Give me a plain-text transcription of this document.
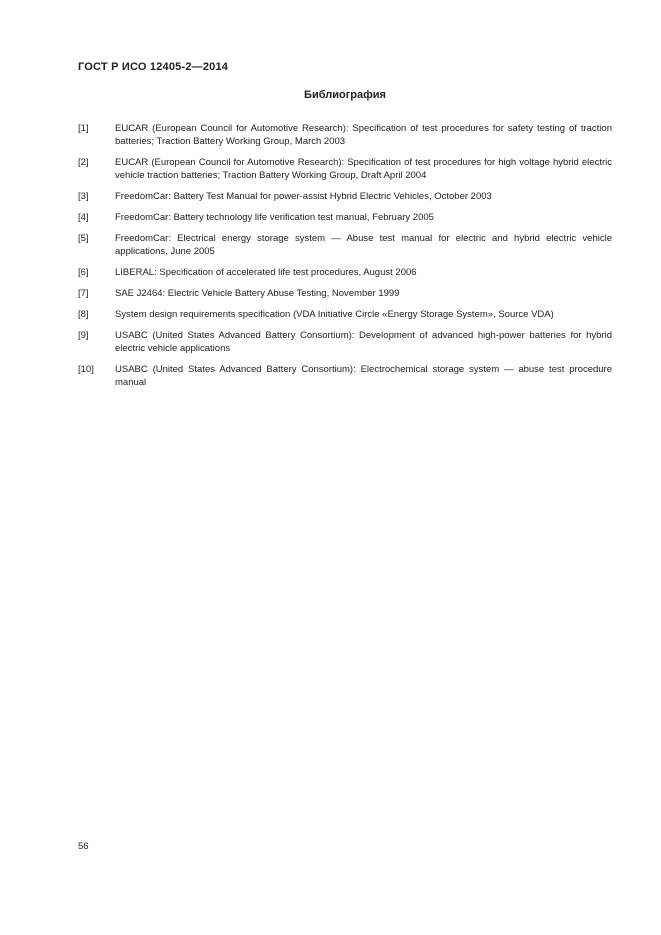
ГОСТ Р ИСО 12405-2—2014
Библиография
[1]	EUCAR (European Council for Automotive Research): Specification of test procedures for safety testing of traction batteries; Traction Battery Working Group, March 2003
[2]	EUCAR (European Council for Automotive Research): Specification of test procedures for high voltage hybrid electric vehicle traction batteries; Traction Battery Working Group, Draft April 2004
[3]	FreedomCar: Battery Test Manual for power-assist Hybrid Electric Vehicles, October 2003
[4]	FreedomCar: Battery technology life verification test manual, February 2005
[5]	FreedomCar: Electrical energy storage system — Abuse test manual for electric and hybrid electric vehicle applications, June 2005
[6]	LIBERAL: Specification of accelerated life test procedures, August 2006
[7]	SAE J2464: Electric Vehicle Battery Abuse Testing, November 1999
[8]	System design requirements specification (VDA Initiative Circle «Energy Storage System», Source VDA)
[9]	USABC (United States Advanced Battery Consortium): Development of advanced high-power batteries for hybrid electric vehicle applications
[10]	USABC (United States Advanced Battery Consortium): Electrochemical storage system — abuse test procedure manual
56
